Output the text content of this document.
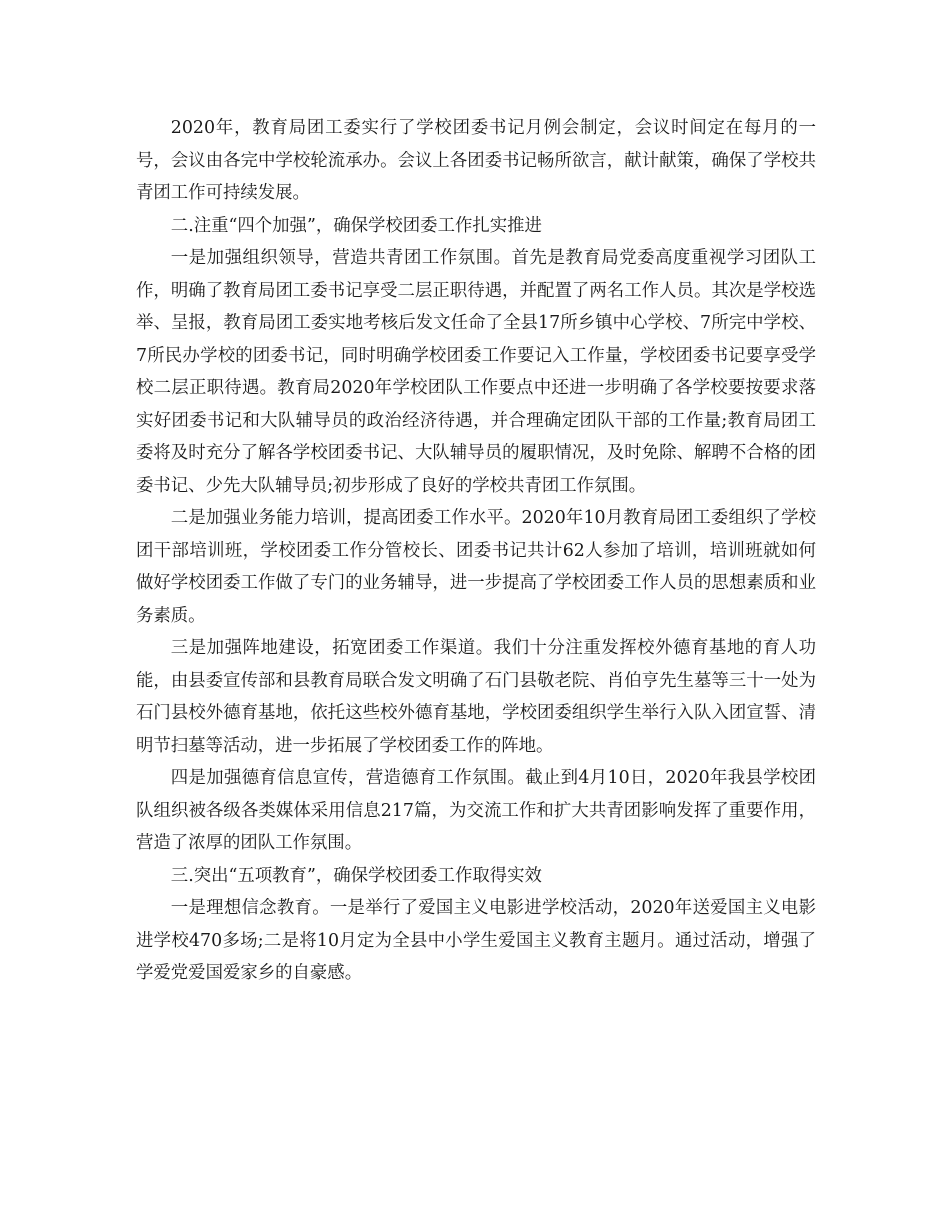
2020年，教育局团工委实行了学校团委书记月例会制定，会议时间定在每月的一号，会议由各完中学校轮流承办。会议上各团委书记畅所欲言，献计献策，确保了学校共青团工作可持续发展。

二.注重“四个加强”，确保学校团委工作扎实推进

一是加强组织领导，营造共青团工作氛围。首先是教育局党委高度重视学习团队工作，明确了教育局团工委书记享受二层正职待遇，并配置了两名工作人员。其次是学校选举、呈报，教育局团工委实地考核后发文任命了全县17所乡镇中心学校、7所完中学校、7所民办学校的团委书记，同时明确学校团委工作要记入工作量，学校团委书记要享受学校二层正职待遇。教育局2020年学校团队工作要点中还进一步明确了各学校要按要求落实好团委书记和大队辅导员的政治经济待遇，并合理确定团队干部的工作量;教育局团工委将及时充分了解各学校团委书记、大队辅导员的履职情况，及时免除、解聘不合格的团委书记、少先大队辅导员;初步形成了良好的学校共青团工作氛围。

二是加强业务能力培训，提高团委工作水平。2020年10月教育局团工委组织了学校团干部培训班，学校团委工作分管校长、团委书记共计62人参加了培训，培训班就如何做好学校团委工作做了专门的业务辅导，进一步提高了学校团委工作人员的思想素质和业务素质。

三是加强阵地建设，拓宽团委工作渠道。我们十分注重发挥校外德育基地的育人功能，由县委宣传部和县教育局联合发文明确了石门县敬老院、肖伯亨先生墓等三十一处为石门县校外德育基地，依托这些校外德育基地，学校团委组织学生举行入队入团宣誓、清明节扫墓等活动，进一步拓展了学校团委工作的阵地。

四是加强德育信息宣传，营造德育工作氛围。截止到4月10日，2020年我县学校团队组织被各级各类媒体采用信息217篇，为交流工作和扩大共青团影响发挥了重要作用，营造了浓厚的团队工作氛围。

三.突出“五项教育”，确保学校团委工作取得实效

一是理想信念教育。一是举行了爱国主义电影进学校活动，2020年送爱国主义电影进学校470多场;二是将10月定为全县中小学生爱国主义教育主题月。通过活动，增强了学爱党爱国爱家乡的自豪感。
